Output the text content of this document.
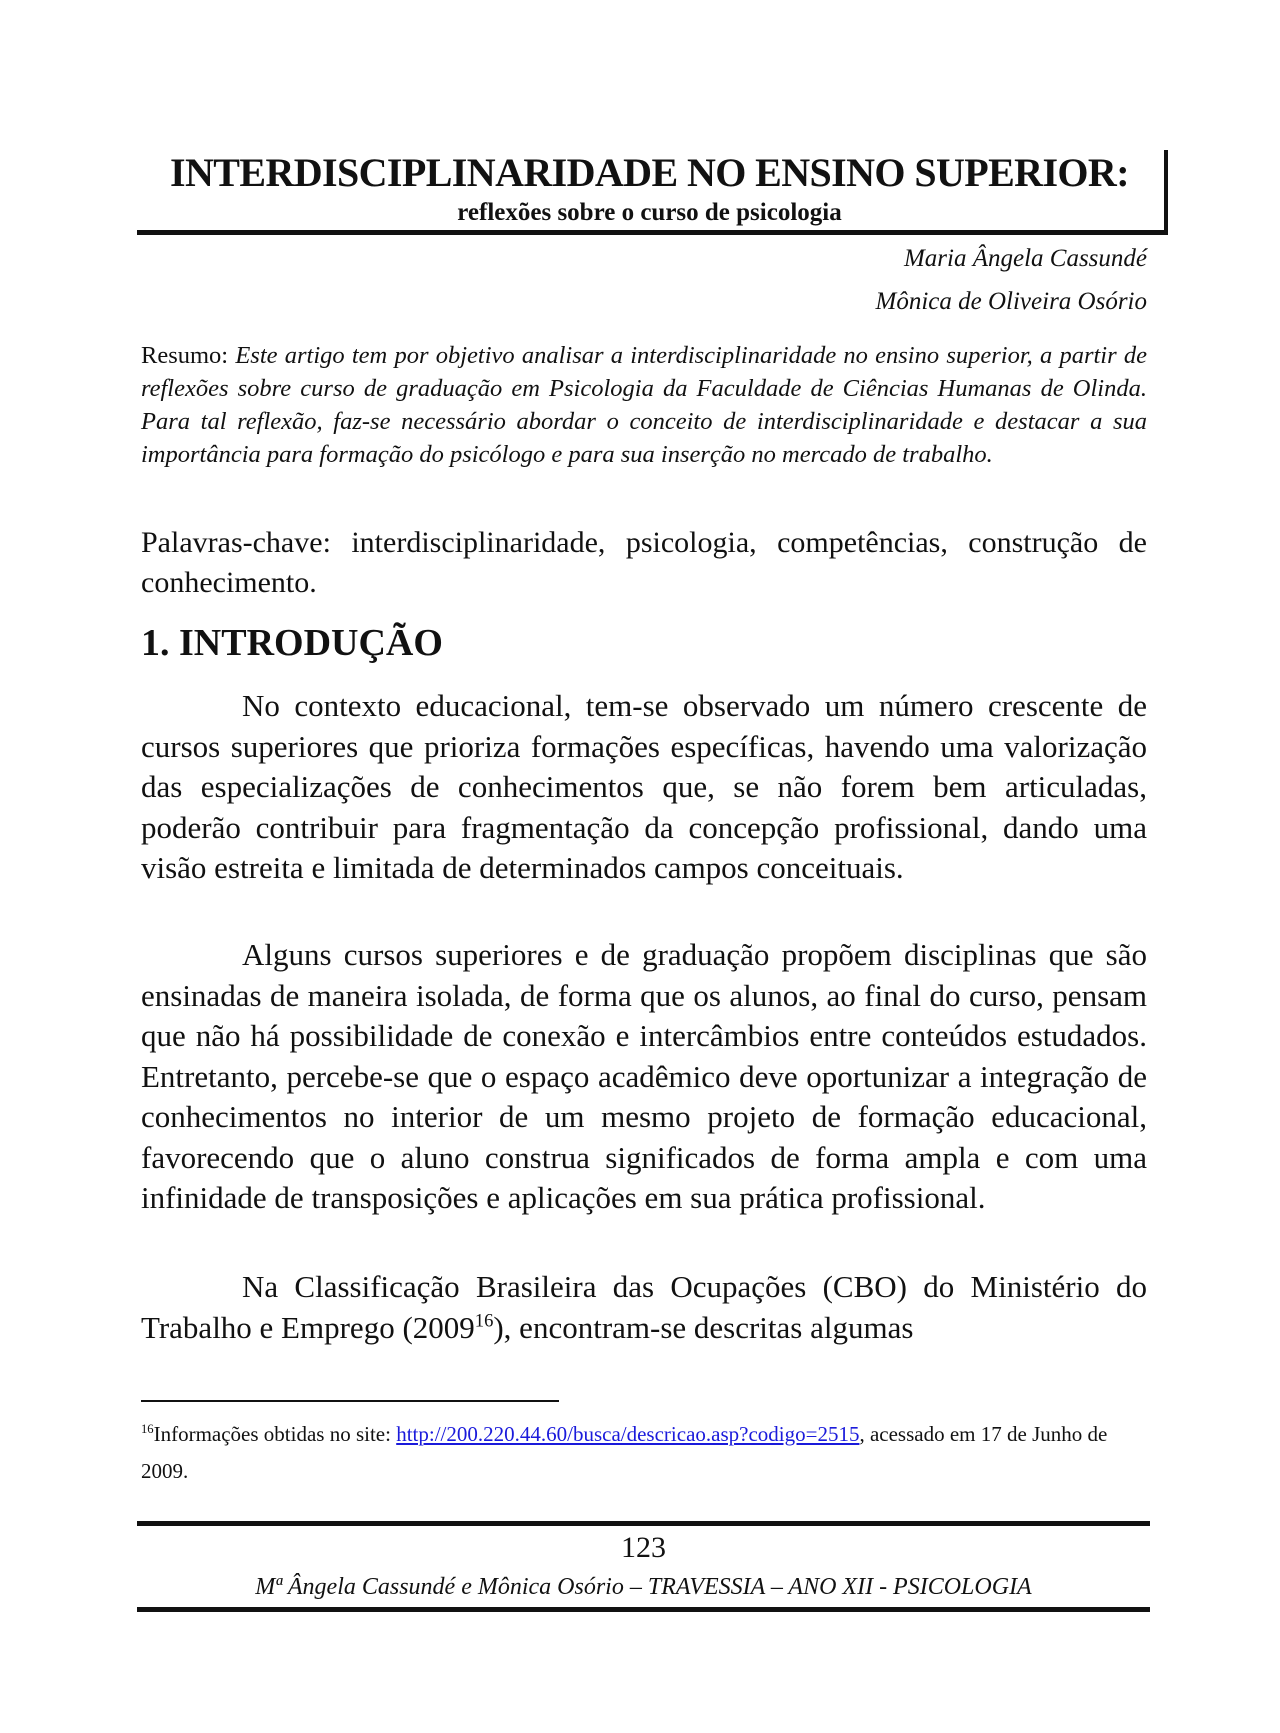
INTERDISCIPLINARIDADE NO ENSINO SUPERIOR:
reflexões sobre o curso de psicologia
Maria Ângela Cassundé
Mônica de Oliveira Osório
Resumo: Este artigo tem por objetivo analisar a interdisciplinaridade no ensino superior, a partir de reflexões sobre curso de graduação em Psicologia da Faculdade de Ciências Humanas de Olinda. Para tal reflexão, faz-se necessário abordar o conceito de interdisciplinaridade e destacar a sua importância para formação do psicólogo e para sua inserção no mercado de trabalho.
Palavras-chave: interdisciplinaridade, psicologia, competências, construção de conhecimento.
1. INTRODUÇÃO

No contexto educacional, tem-se observado um número crescente de cursos superiores que prioriza formações específicas, havendo uma valorização das especializações de conhecimentos que, se não forem bem articuladas, poderão contribuir para fragmentação da concepção profissional, dando uma visão estreita e limitada de determinados campos conceituais.

Alguns cursos superiores e de graduação propõem disciplinas que são ensinadas de maneira isolada, de forma que os alunos, ao final do curso, pensam que não há possibilidade de conexão e intercâmbios entre conteúdos estudados. Entretanto, percebe-se que o espaço acadêmico deve oportunizar a integração de conhecimentos no interior de um mesmo projeto de formação educacional, favorecendo que o aluno construa significados de forma ampla e com uma infinidade de transposições e aplicações em sua prática profissional.

Na Classificação Brasileira das Ocupações (CBO) do Ministério do Trabalho e Emprego (2009$^{16}$), encontram-se descritas algumas

$^{16}$Informações obtidas no site: http://200.220.44.60/busca/descricao.asp?codigo=2515, acessado em 17 de Junho de 2009.
123
Mª Ângela Cassundé e Mônica Osório – TRAVESSIA – ANO XII - PSICOLOGIA
